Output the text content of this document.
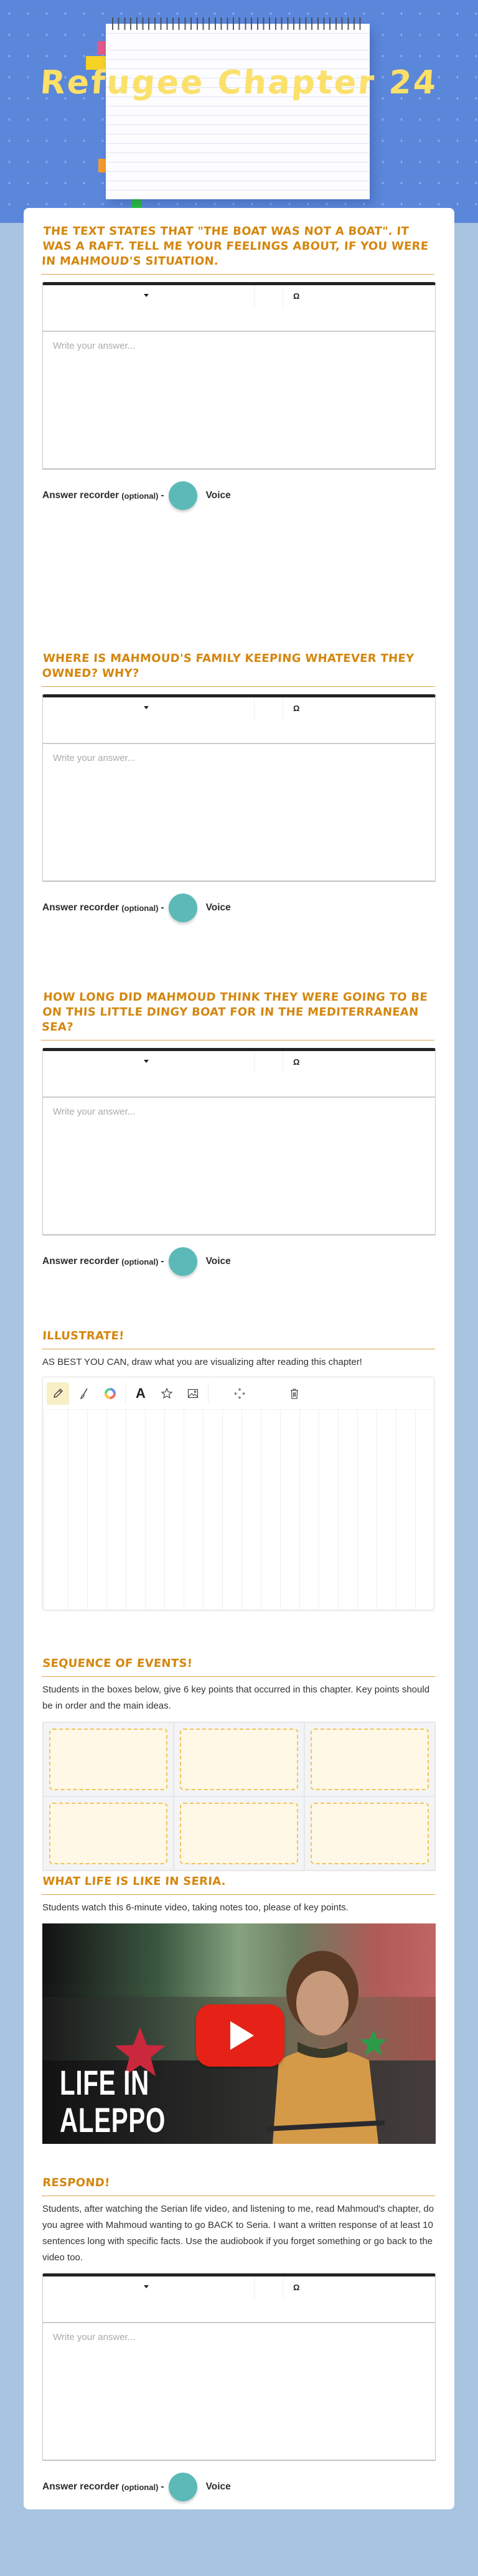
Refugee Chapter 24
THE TEXT STATES THAT "THE BOAT WAS NOT A BOAT". IT WAS A RAFT. TELL ME YOUR FEELINGS ABOUT, IF YOU WERE IN MAHMOUD'S SITUATION.
Ω
Write your answer...
Answer recorder (optional) -	Voice
WHERE IS MAHMOUD'S FAMILY KEEPING WHATEVER THEY OWNED? WHY?
Ω
Write your answer...
Answer recorder (optional) -	Voice
HOW LONG DID MAHMOUD THINK THEY WERE GOING TO BE ON THIS LITTLE DINGY BOAT FOR IN THE MEDITERRANEAN SEA?
Ω
Write your answer...
Answer recorder (optional) -	Voice
ILLUSTRATE!

AS BEST YOU CAN, draw what you are visualizing after reading this chapter!

A
SEQUENCE OF EVENTS!

Students in the boxes below, give 6 key points that occurred in this chapter. Key points should be in order and the main ideas.

WHAT LIFE IS LIKE IN SERIA.

Students watch this 6-minute video, taking notes too, please of key points.

LIFE IN
ALEPPO
RESPOND!

Students, after watching the Serian life video, and listening to me, read Mahmoud's chapter, do you agree with Mahmoud wanting to go BACK to Seria. I want a written response of at least 10 sentences long with specific facts. Use the audiobook if you forget something or go back to the video too.

Ω
Write your answer...
Answer recorder (optional) -	Voice
